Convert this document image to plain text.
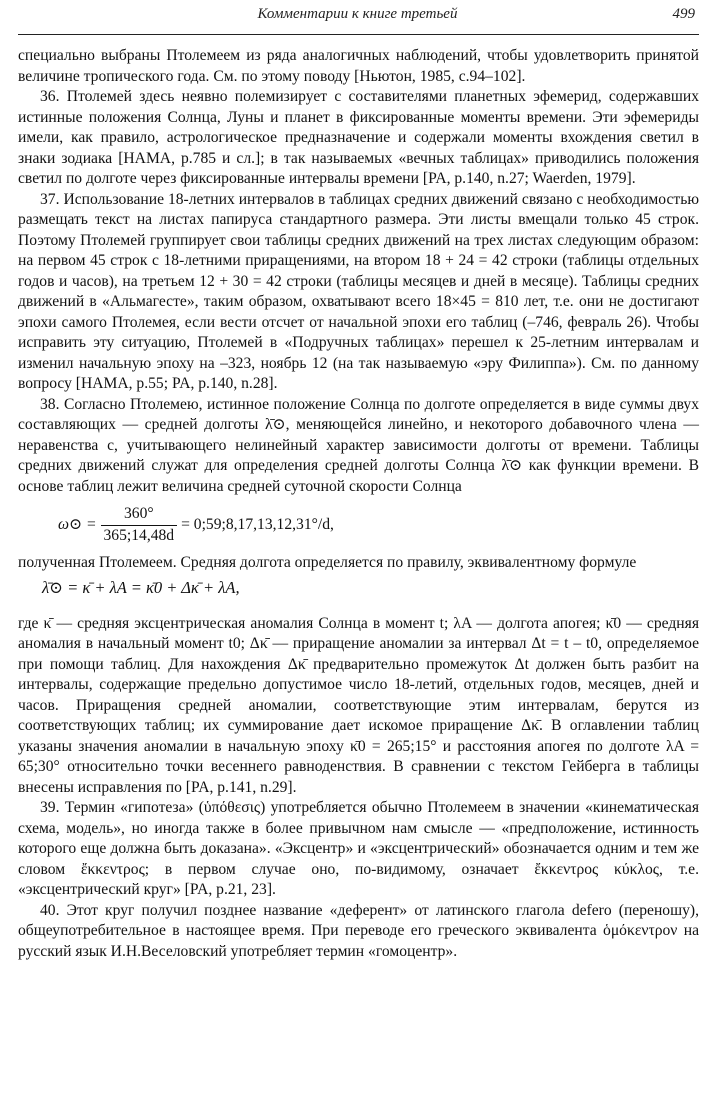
Комментарии к книге третьей	499

специально выбраны Птолемеем из ряда аналогичных наблюдений, чтобы удовлетворить принятой величине тропического года. См. по этому поводу [Ньютон, 1985, с.94–102].

36. Птолемей здесь неявно полемизирует с составителями планетных эфемерид, содержавших истинные положения Солнца, Луны и планет в фиксированные моменты времени. Эти эфемериды имели, как правило, астрологическое предназначение и содержали моменты вхождения светил в знаки зодиака [HAMA, p.785 и сл.]; в так называемых «вечных таблицах» приводились положения светил по долготе через фиксированные интервалы времени [PA, p.140, n.27; Waerden, 1979].

37. Использование 18-летних интервалов в таблицах средних движений связано с необходимостью размещать текст на листах папируса стандартного размера. Эти листы вмещали только 45 строк. Поэтому Птолемей группирует свои таблицы средних движений на трех листах следующим образом: на первом 45 строк с 18-летними приращениями, на втором 18 + 24 = 42 строки (таблицы отдельных годов и часов), на третьем 12 + 30 = 42 строки (таблицы месяцев и дней в месяце). Таблицы средних движений в «Альмагесте», таким образом, охватывают всего 18×45 = 810 лет, т.е. они не достигают эпохи самого Птолемея, если вести отсчет от начальной эпохи его таблиц (–746, февраль 26). Чтобы исправить эту ситуацию, Птолемей в «Подручных таблицах» перешел к 25-летним интервалам и изменил начальную эпоху на –323, ноябрь 12 (на так называемую «эру Филиппа»). См. по данному вопросу [HAMA, p.55; PA, p.140, n.28].

38. Согласно Птолемею, истинное положение Солнца по долготе определяется в виде суммы двух составляющих — средней долготы λ̄⊙, меняющейся линейно, и некоторого добавочного члена — неравенства с, учитывающего нелинейный характер зависимости долготы от времени. Таблицы средних движений служат для определения средней долготы Солнца λ̄⊙ как функции времени. В основе таблиц лежит величина средней суточной скорости Солнца

ω⊙ = $\frac{360^\circ}{365;14,48d}$ = 0;59;8,17,13,12,31°/d,

полученная Птолемеем. Средняя долгота определяется по правилу, эквивалентному формуле

λ̄⊙ = κ̄ + λA = κ̄0 + Δκ̄ + λA,

где κ̄ — средняя эксцентрическая аномалия Солнца в момент t; λA — долгота апогея; κ̄0 — средняя аномалия в начальный момент t0; Δκ̄ — приращение аномалии за интервал Δt = t – t0, определяемое при помощи таблиц. Для нахождения Δκ̄ предварительно промежуток Δt должен быть разбит на интервалы, содержащие предельно допустимое число 18-летий, отдельных годов, месяцев, дней и часов. Приращения средней аномалии, соответствующие этим интервалам, берутся из соответствующих таблиц; их суммирование дает искомое приращение Δκ̄. В оглавлении таблиц указаны значения аномалии в начальную эпоху κ̄0 = 265;15° и расстояния апогея по долготе λA = 65;30° относительно точки весеннего равноденствия. В сравнении с текстом Гейберга в таблицы внесены исправления по [PA, p.141, n.29].

39. Термин «гипотеза» (ὑπόθεσις) употребляется обычно Птолемеем в значении «кинематическая схема, модель», но иногда также в более привычном нам смысле — «предположение, истинность которого еще должна быть доказана». «Эксцентр» и «эксцентрический» обозначается одним и тем же словом ἔκκεντρος; в первом случае оно, по-видимому, означает ἔκκεντρος κύκλος, т.е. «эксцентрический круг» [PA, p.21, 23].

40. Этот круг получил позднее название «деферент» от латинского глагола defero (переношу), общеупотребительное в настоящее время. При переводе его греческого эквивалента ὁμόκεντρον на русский язык И.Н.Веселовский употребляет термин «гомоцентр».
